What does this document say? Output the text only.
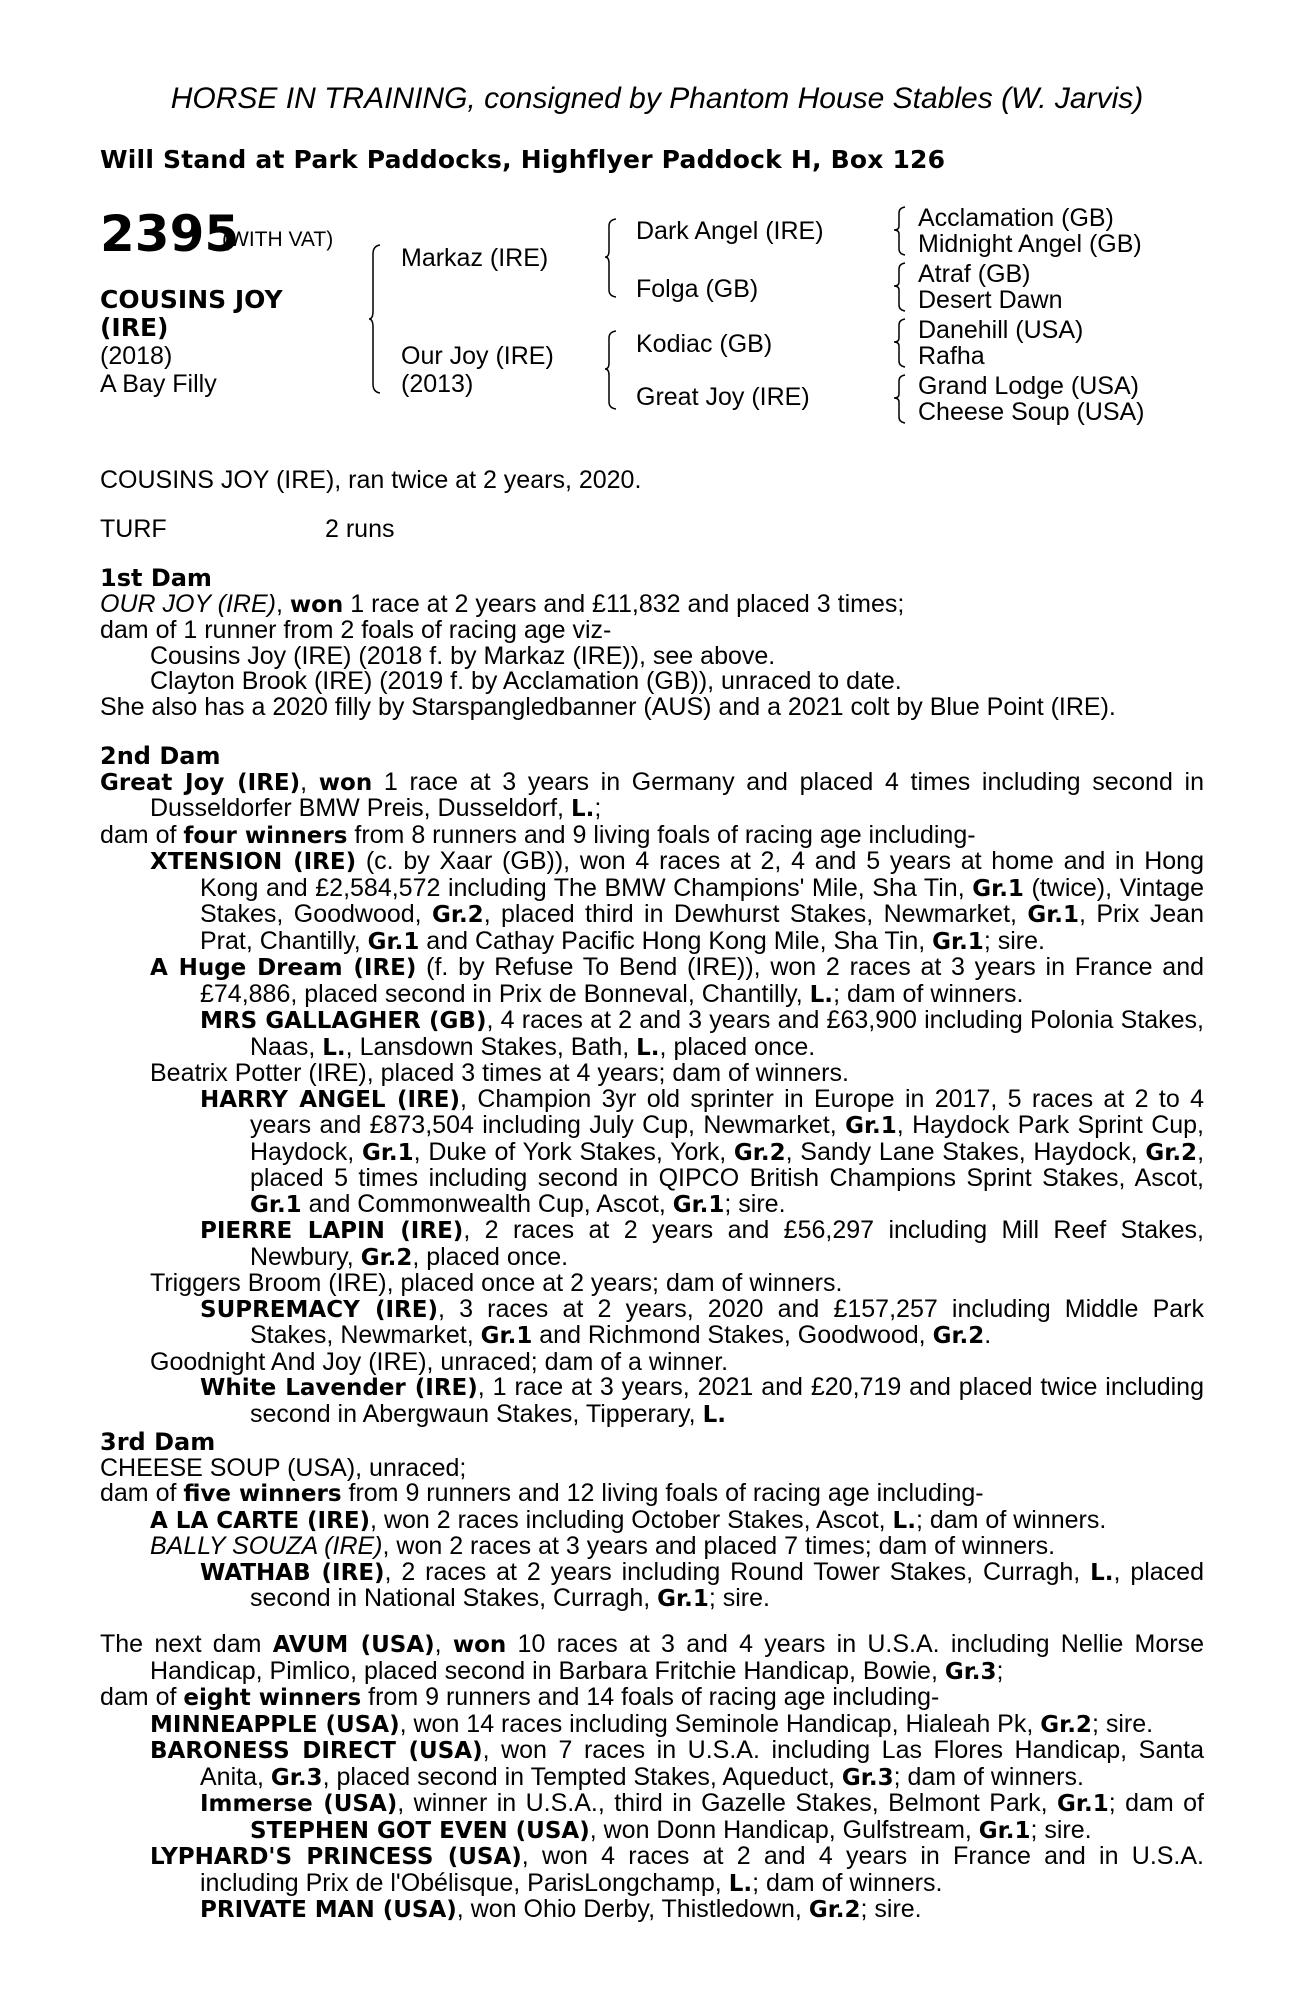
HORSE IN TRAINING, consigned by Phantom House Stables (W. Jarvis)
Will Stand at Park Paddocks, Highflyer Paddock H, Box 126
2395
(WITH VAT)
COUSINS JOY
(IRE)
(2018)
A Bay Filly
Markaz (IRE)
Our Joy (IRE)
(2013)
Dark Angel (IRE)
Folga (GB)
Kodiac (GB)
Great Joy (IRE)
Acclamation (GB)
Midnight Angel (GB)
Atraf (GB)
Desert Dawn
Danehill (USA)
Rafha
Grand Lodge (USA)
Cheese Soup (USA)
COUSINS JOY (IRE), ran twice at 2 years, 2020.
TURF	2 runs

1st Dam

OUR JOY (IRE), won 1 race at 2 years and £11,832 and placed 3 times;

dam of 1 runner from 2 foals of racing age viz-

Cousins Joy (IRE) (2018 f. by Markaz (IRE)), see above.

Clayton Brook (IRE) (2019 f. by Acclamation (GB)), unraced to date.

She also has a 2020 filly by Starspangledbanner (AUS) and a 2021 colt by Blue Point (IRE).

2nd Dam

Great Joy (IRE), won 1 race at 3 years in Germany and placed 4 times including second in Dusseldorfer BMW Preis, Dusseldorf, L.;

dam of four winners from 8 runners and 9 living foals of racing age including-

XTENSION (IRE) (c. by Xaar (GB)), won 4 races at 2, 4 and 5 years at home and in Hong Kong and £2,584,572 including The BMW Champions' Mile, Sha Tin, Gr.1 (twice), Vintage Stakes, Goodwood, Gr.2, placed third in Dewhurst Stakes, Newmarket, Gr.1, Prix Jean Prat, Chantilly, Gr.1 and Cathay Pacific Hong Kong Mile, Sha Tin, Gr.1; sire.

A Huge Dream (IRE) (f. by Refuse To Bend (IRE)), won 2 races at 3 years in France and £74,886, placed second in Prix de Bonneval, Chantilly, L.; dam of winners.

MRS GALLAGHER (GB), 4 races at 2 and 3 years and £63,900 including Polonia Stakes, Naas, L., Lansdown Stakes, Bath, L., placed once.

Beatrix Potter (IRE), placed 3 times at 4 years; dam of winners.

HARRY ANGEL (IRE), Champion 3yr old sprinter in Europe in 2017, 5 races at 2 to 4 years and £873,504 including July Cup, Newmarket, Gr.1, Haydock Park Sprint Cup, Haydock, Gr.1, Duke of York Stakes, York, Gr.2, Sandy Lane Stakes, Haydock, Gr.2, placed 5 times including second in QIPCO British Champions Sprint Stakes, Ascot, Gr.1 and Commonwealth Cup, Ascot, Gr.1; sire.

PIERRE LAPIN (IRE), 2 races at 2 years and £56,297 including Mill Reef Stakes, Newbury, Gr.2, placed once.

Triggers Broom (IRE), placed once at 2 years; dam of winners.

SUPREMACY (IRE), 3 races at 2 years, 2020 and £157,257 including Middle Park Stakes, Newmarket, Gr.1 and Richmond Stakes, Goodwood, Gr.2.

Goodnight And Joy (IRE), unraced; dam of a winner.

White Lavender (IRE), 1 race at 3 years, 2021 and £20,719 and placed twice including second in Abergwaun Stakes, Tipperary, L.

3rd Dam

CHEESE SOUP (USA), unraced;

dam of five winners from 9 runners and 12 living foals of racing age including-

A LA CARTE (IRE), won 2 races including October Stakes, Ascot, L.; dam of winners.

BALLY SOUZA (IRE), won 2 races at 3 years and placed 7 times; dam of winners.

WATHAB (IRE), 2 races at 2 years including Round Tower Stakes, Curragh, L., placed second in National Stakes, Curragh, Gr.1; sire.

The next dam AVUM (USA), won 10 races at 3 and 4 years in U.S.A. including Nellie Morse Handicap, Pimlico, placed second in Barbara Fritchie Handicap, Bowie, Gr.3;

dam of eight winners from 9 runners and 14 foals of racing age including-

MINNEAPPLE (USA), won 14 races including Seminole Handicap, Hialeah Pk, Gr.2; sire.

BARONESS DIRECT (USA), won 7 races in U.S.A. including Las Flores Handicap, Santa Anita, Gr.3, placed second in Tempted Stakes, Aqueduct, Gr.3; dam of winners.

Immerse (USA), winner in U.S.A., third in Gazelle Stakes, Belmont Park, Gr.1; dam of STEPHEN GOT EVEN (USA), won Donn Handicap, Gulfstream, Gr.1; sire.

LYPHARD'S PRINCESS (USA), won 4 races at 2 and 4 years in France and in U.S.A. including Prix de l'Obélisque, ParisLongchamp, L.; dam of winners.

PRIVATE MAN (USA), won Ohio Derby, Thistledown, Gr.2; sire.
